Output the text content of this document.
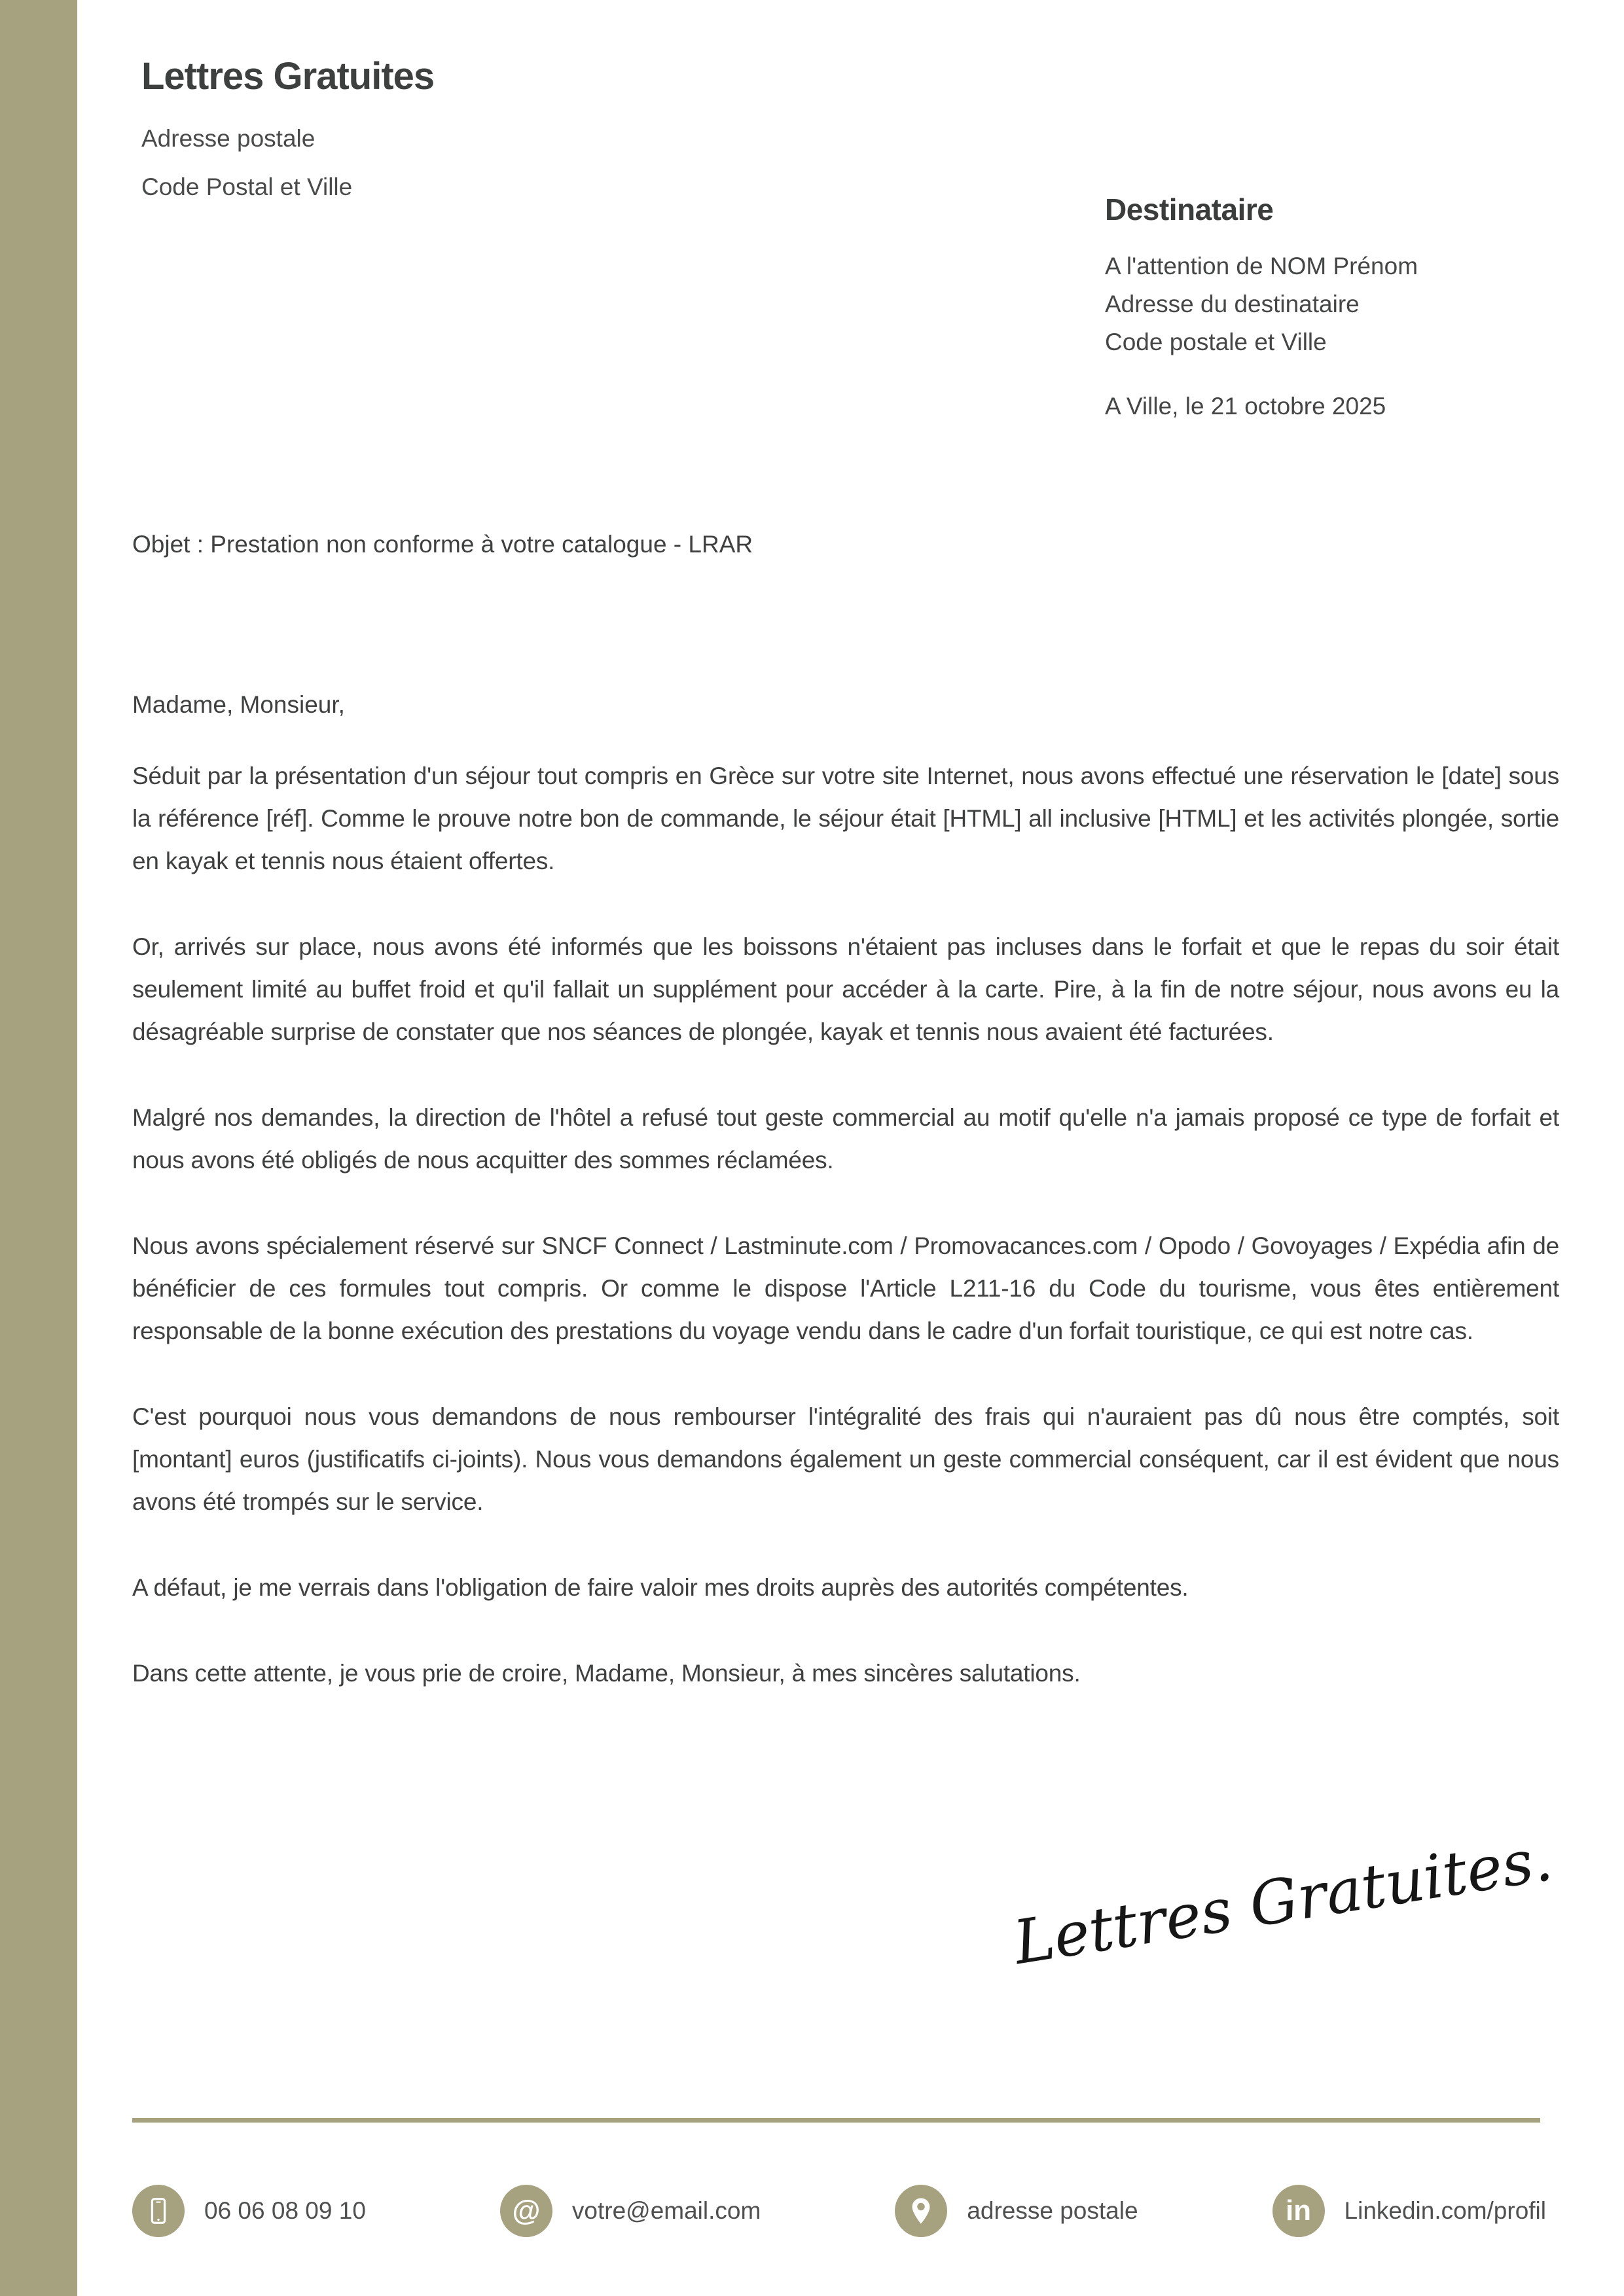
Lettres Gratuites
Adresse postale
Code Postal et Ville
Destinataire
A l'attention de NOM Prénom
Adresse du destinataire
Code postale et Ville
A Ville, le 21 octobre 2025
Objet : Prestation non conforme à votre catalogue - LRAR
Madame, Monsieur,

Séduit par la présentation d'un séjour tout compris en Grèce sur votre site Internet, nous avons effectué une réservation le [date] sous la référence [réf]. Comme le prouve notre bon de commande, le séjour était [HTML] all inclusive [HTML] et les activités plongée, sortie en kayak et tennis nous étaient offertes.

Or, arrivés sur place, nous avons été informés que les boissons n'étaient pas incluses dans le forfait et que le repas du soir était seulement limité au buffet froid et qu'il fallait un supplément pour accéder à la carte. Pire, à la fin de notre séjour, nous avons eu la désagréable surprise de constater que nos séances de plongée, kayak et tennis nous avaient été facturées.

Malgré nos demandes, la direction de l'hôtel a refusé tout geste commercial au motif qu'elle n'a jamais proposé ce type de forfait et nous avons été obligés de nous acquitter des sommes réclamées.

Nous avons spécialement réservé sur SNCF Connect / Lastminute.com / Promovacances.com / Opodo / Govoyages / Expédia afin de bénéficier de ces formules tout compris. Or comme le dispose l'Article L211-16 du Code du tourisme, vous êtes entièrement responsable de la bonne exécution des prestations du voyage vendu dans le cadre d'un forfait touristique, ce qui est notre cas.

C'est pourquoi nous vous demandons de nous rembourser l'intégralité des frais qui n'auraient pas dû nous être comptés, soit [montant] euros (justificatifs ci-joints). Nous vous demandons également un geste commercial conséquent, car il est évident que nous avons été trompés sur le service.

A défaut, je me verrais dans l'obligation de faire valoir mes droits auprès des autorités compétentes.

Dans cette attente, je vous prie de croire, Madame, Monsieur, à mes sincères salutations.

Lettres Gratuites.
06 06 08 09 10	@ votre@email.com	adresse postale	in Linkedin.com/profil
